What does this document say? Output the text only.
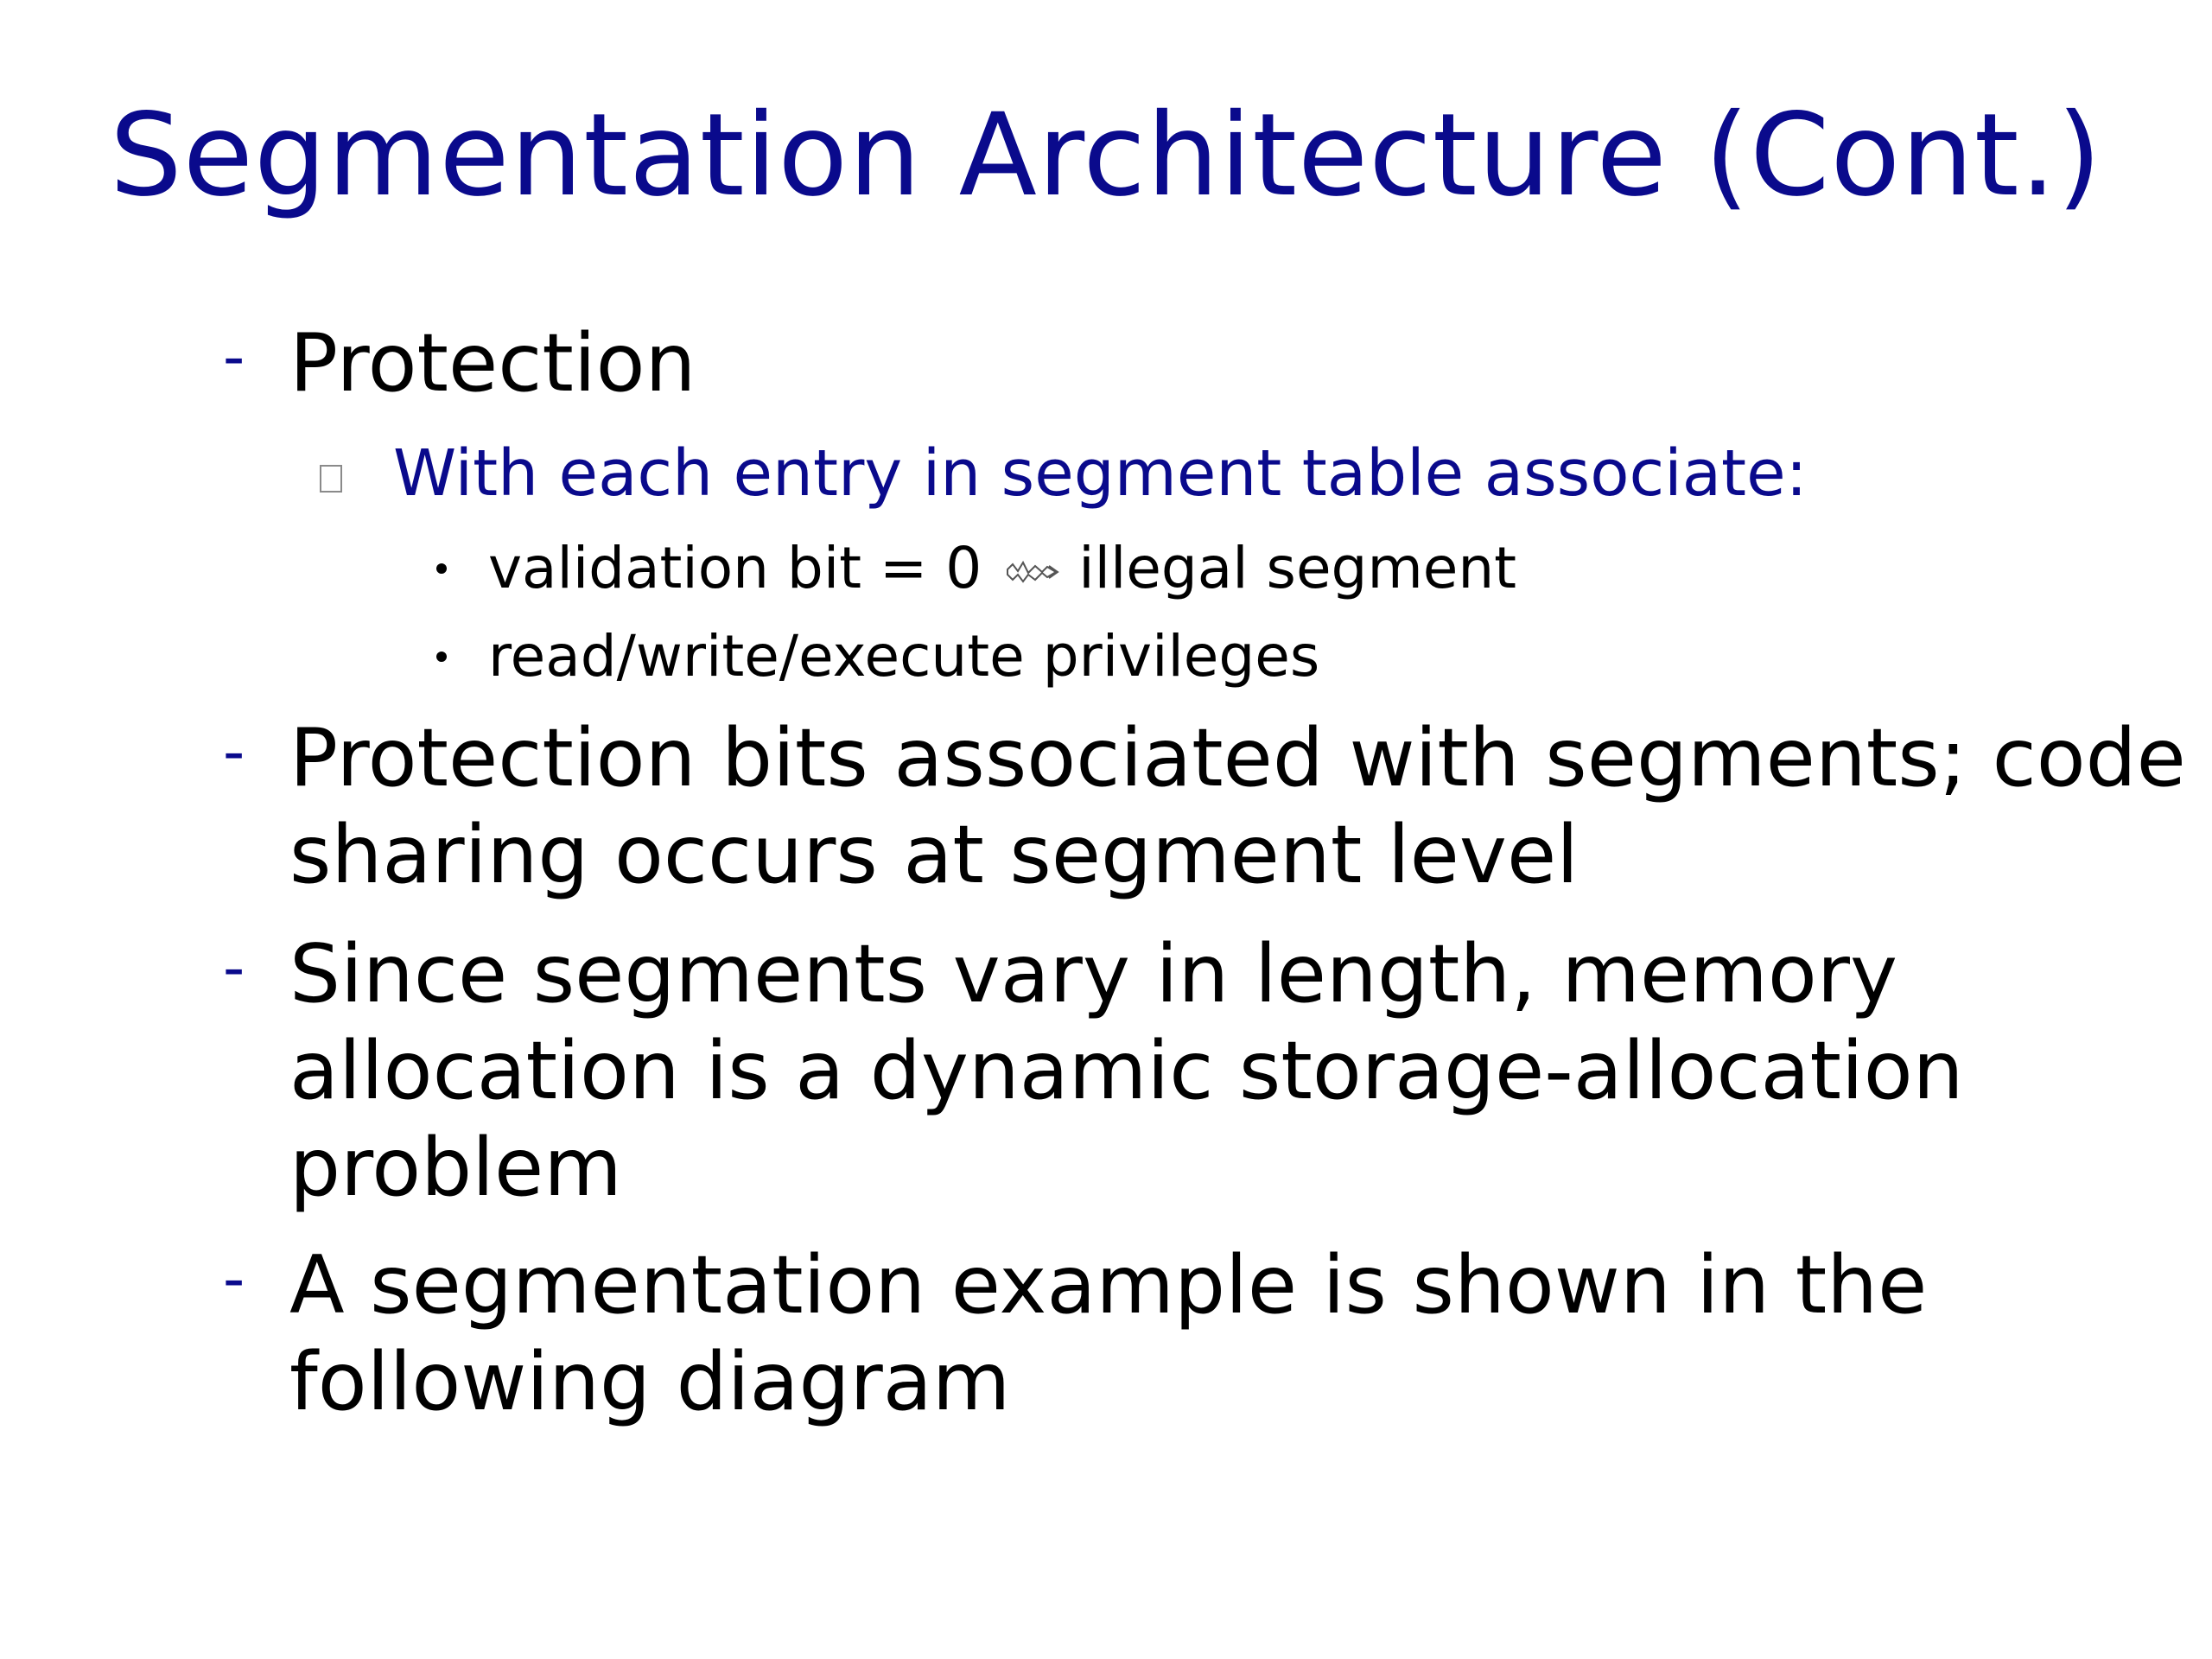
Segmentation Architecture (Cont.)
- Protection
With each entry in segment table associate:
validation bit = 0 illegal segment
read/write/execute privileges
- Protection bits associated with segments; code
sharing occurs at segment level
- Since segments vary in length, memory
allocation is a dynamic storage-allocation
problem
- A segmentation example is shown in the
following diagram
